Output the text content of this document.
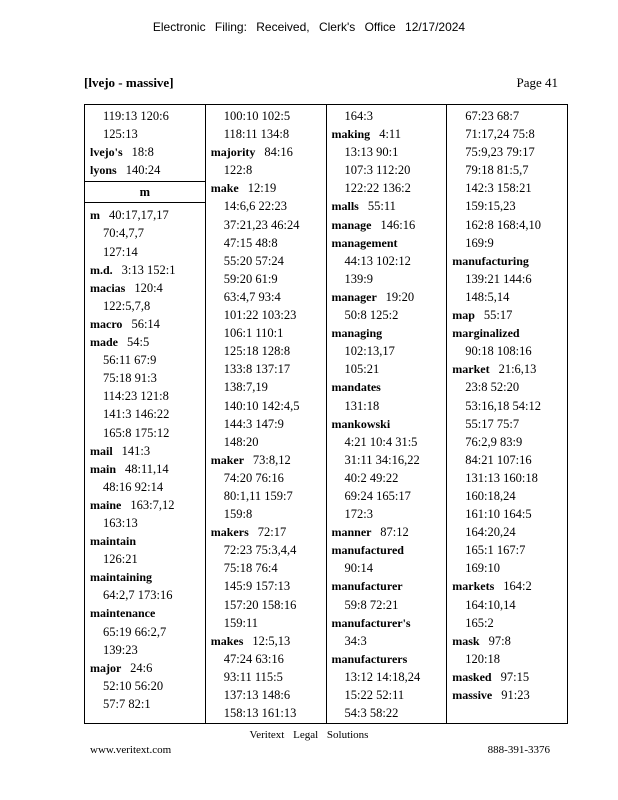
Electronic Filing: Received, Clerk's Office 12/17/2024
[lvejo - massive]	Page 41
119:13 120:6
125:13
lvejo's 18:8
lyons 140:24
m
m 40:17,17,17
70:4,7,7
127:14
m.d. 3:13 152:1
macias 120:4
122:5,7,8
macro 56:14
made 54:5
56:11 67:9
75:18 91:3
114:23 121:8
141:3 146:22
165:8 175:12
mail 141:3
main 48:11,14
48:16 92:14
maine 163:7,12
163:13
maintain
126:21
maintaining
64:2,7 173:16
maintenance
65:19 66:2,7
139:23
major 24:6
52:10 56:20
57:7 82:1
100:10 102:5
118:11 134:8
majority 84:16
122:8
make 12:19
14:6,6 22:23
37:21,23 46:24
47:15 48:8
55:20 57:24
59:20 61:9
63:4,7 93:4
101:22 103:23
106:1 110:1
125:18 128:8
133:8 137:17
138:7,19
140:10 142:4,5
144:3 147:9
148:20
maker 73:8,12
74:20 76:16
80:1,11 159:7
159:8
makers 72:17
72:23 75:3,4,4
75:18 76:4
145:9 157:13
157:20 158:16
159:11
makes 12:5,13
47:24 63:16
93:11 115:5
137:13 148:6
158:13 161:13
164:3
making 4:11
13:13 90:1
107:3 112:20
122:22 136:2
malls 55:11
manage 146:16
management
44:13 102:12
139:9
manager 19:20
50:8 125:2
managing
102:13,17
105:21
mandates
131:18
mankowski
4:21 10:4 31:5
31:11 34:16,22
40:2 49:22
69:24 165:17
172:3
manner 87:12
manufactured
90:14
manufacturer
59:8 72:21
manufacturer's
34:3
manufacturers
13:12 14:18,24
15:22 52:11
54:3 58:22
67:23 68:7
71:17,24 75:8
75:9,23 79:17
79:18 81:5,7
142:3 158:21
159:15,23
162:8 168:4,10
169:9
manufacturing
139:21 144:6
148:5,14
map 55:17
marginalized
90:18 108:16
market 21:6,13
23:8 52:20
53:16,18 54:12
55:17 75:7
76:2,9 83:9
84:21 107:16
131:13 160:18
160:18,24
161:10 164:5
164:20,24
165:1 167:7
169:10
markets 164:2
164:10,14
165:2
mask 97:8
120:18
masked 97:15
massive 91:23
Veritext Legal Solutions
www.veritext.com	888-391-3376
